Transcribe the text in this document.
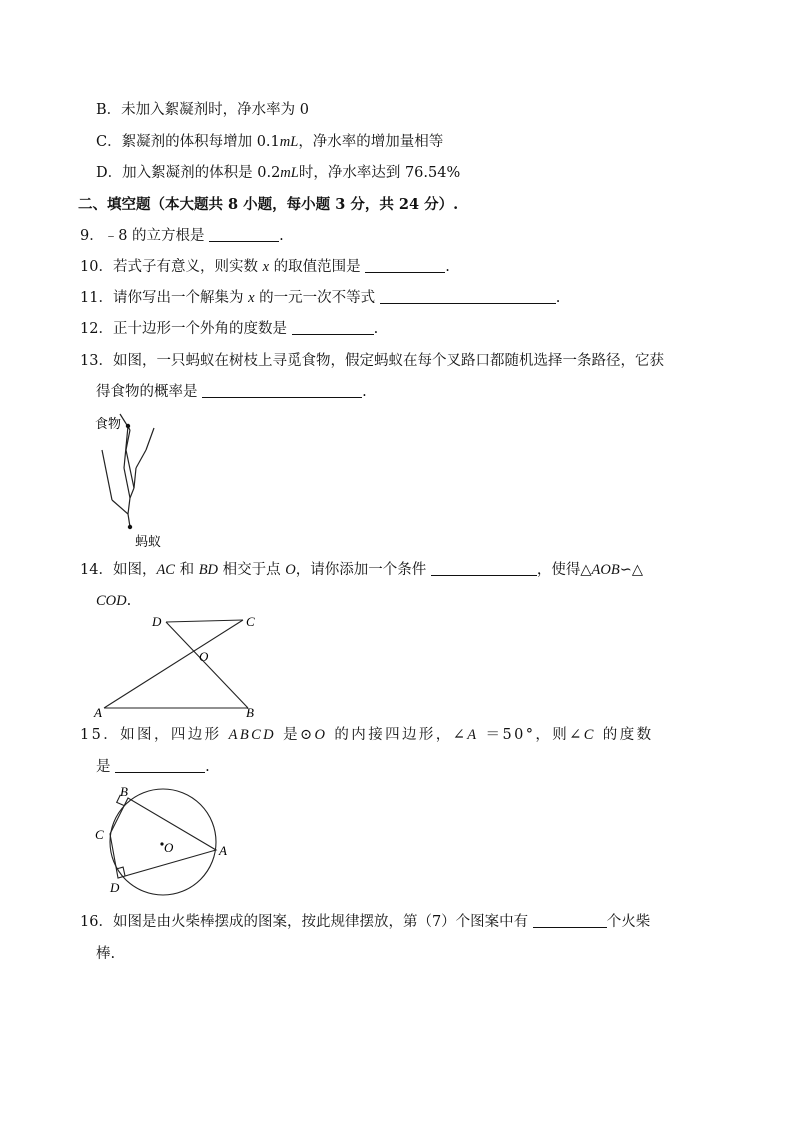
B．未加入絮凝剂时，净水率为 0
C．絮凝剂的体积每增加 0.1mL，净水率的增加量相等
D．加入絮凝剂的体积是 0.2mL时，净水率达到 76.54%
二、填空题（本大题共 8 小题，每小题 3 分，共 24 分）.
9．﹣8 的立方根是	.
10．若式子有意义，则实数 x 的取值范围是	.
11．请你写出一个解集为 x 的一元一次不等式	.
12．正十边形一个外角的度数是	.
13．如图，一只蚂蚁在树枝上寻觅食物，假定蚂蚁在每个叉路口都随机选择一条路径，它获
得食物的概率是	.
食物
蚂蚁
14．如图，AC 和 BD 相交于点 O，请你添加一个条件	，使得△AOB∽△
COD.
D	C
O
A	B
15．如图，四边形 ABCD 是⊙O 的内接四边形，∠A ＝50°，则∠C 的度数
是	.
B
C
O	A
D
16．如图是由火柴棒摆成的图案，按此规律摆放，第（7）个图案中有	个火柴
棒.
